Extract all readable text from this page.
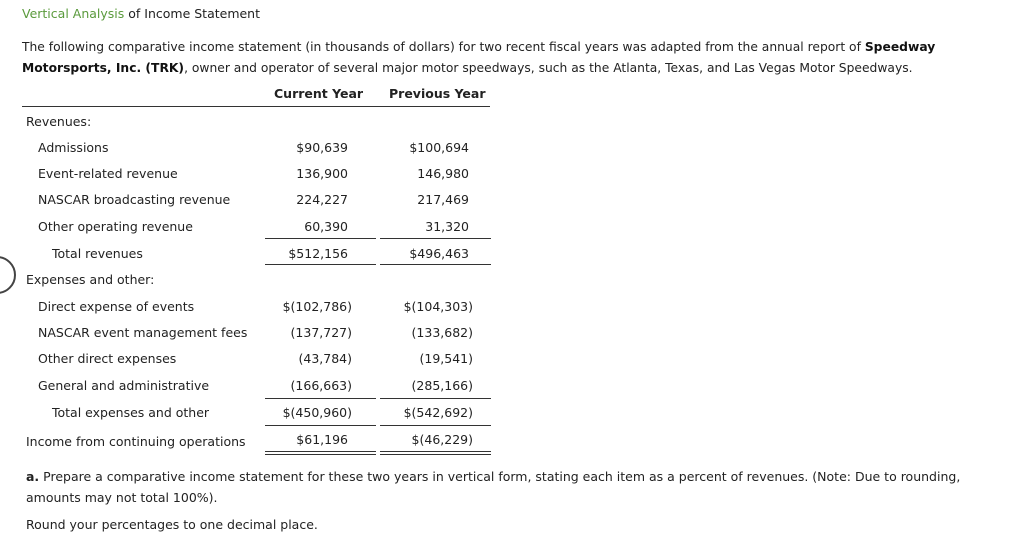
Vertical Analysis of Income Statement
The following comparative income statement (in thousands of dollars) for two recent fiscal years was adapted from the annual report of Speedway Motorsports, Inc. (TRK), owner and operator of several major motor speedways, such as the Atlanta, Texas, and Las Vegas Motor Speedways.
Current Year Previous Year
Revenues:
Admissions	$90,639	$100,694
Event-related revenue	136,900	146,980
NASCAR broadcasting revenue	224,227	217,469
Other operating revenue	60,390	31,320
Total revenues	$512,156	$496,463
Expenses and other:
Direct expense of events	$(102,786)	$(104,303)
NASCAR event management fees	(137,727)	(133,682)
Other direct expenses	(43,784)	(19,541)
General and administrative	(166,663)	(285,166)
Total expenses and other	$(450,960)	$(542,692)
Income from continuing operations	$61,196	$(46,229)
a. Prepare a comparative income statement for these two years in vertical form, stating each item as a percent of revenues. (Note: Due to rounding, amounts may not total 100%).
Round your percentages to one decimal place.
